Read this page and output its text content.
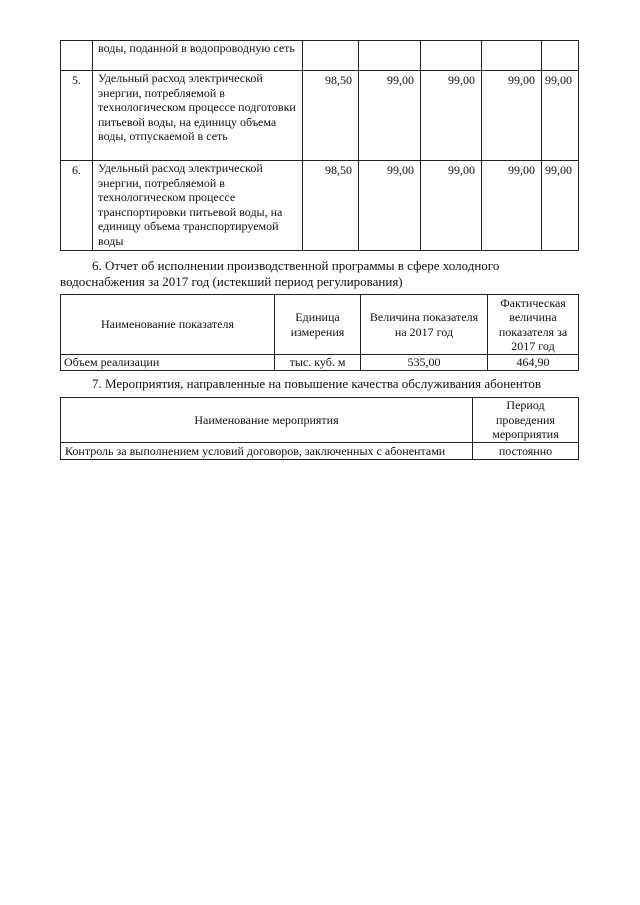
	воды, поданной в водопроводную сеть					
5.	Удельный расход электрической энергии, потребляемой в технологическом процессе подготовки питьевой воды, на единицу объема воды, отпускаемой в сеть	98,50	99,00	99,00	99,00	99,00
6.	Удельный расход электрической энергии, потребляемой в технологическом процессе транспортировки питьевой воды, на единицу объема транспортируемой воды	98,50	99,00	99,00	99,00	99,00
6. Отчет об исполнении производственной программы в сфере холодного водоснабжения за 2017 год (истекший период регулирования)
Наименование показателя	Единица измерения	Величина показателя на 2017 год	Фактическая величина показателя за 2017 год
Объем реализации	тыс. куб. м	535,00	464,90
7. Мероприятия, направленные на повышение качества обслуживания абонентов
Наименование мероприятия	Период проведения мероприятия
Контроль за выполнением условий договоров, заключенных с абонентами	постоянно
